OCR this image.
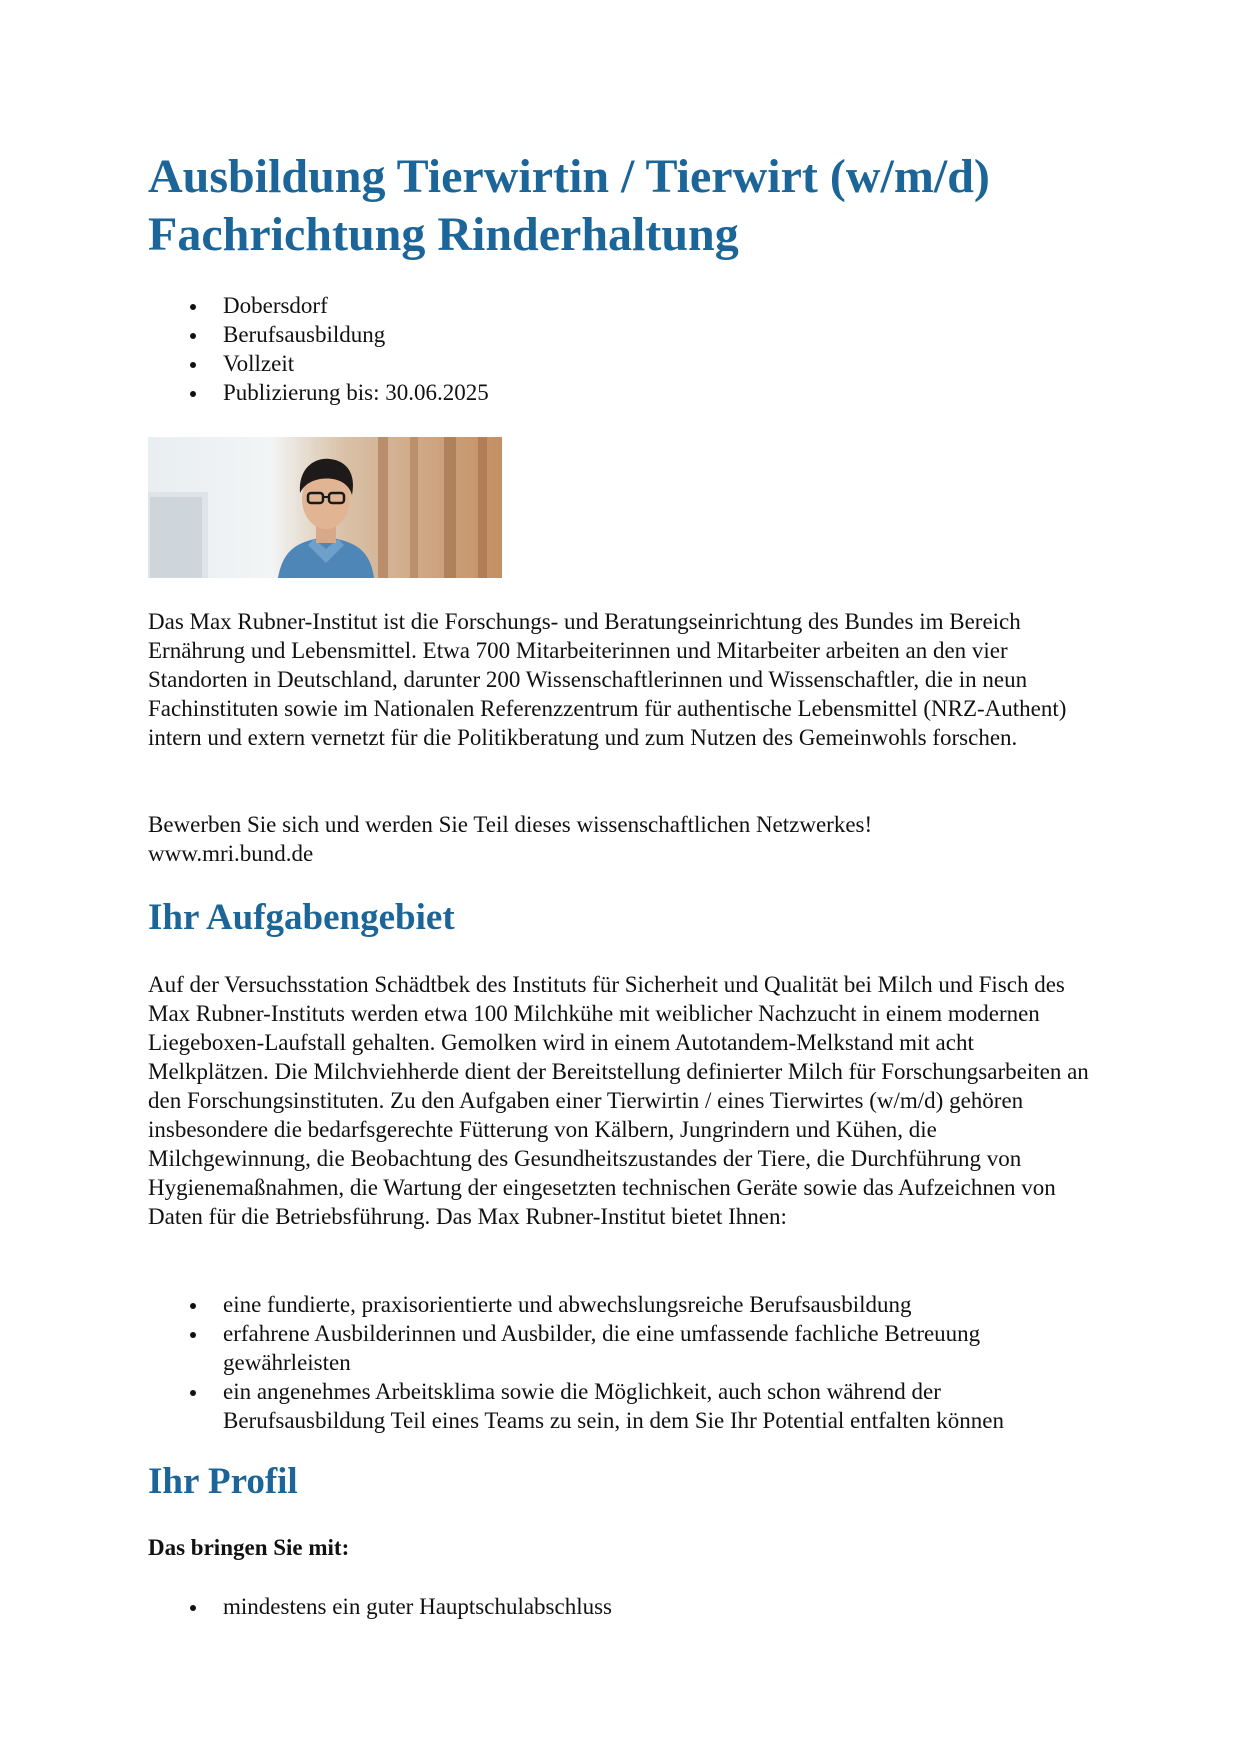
Ausbildung Tierwirtin / Tierwirt (w/m/d) Fachrichtung Rinderhaltung
Dobersdorf
Berufsausbildung
Vollzeit
Publizierung bis: 30.06.2025

Das Max Rubner-Institut ist die Forschungs- und Beratungseinrichtung des Bundes im Bereich Ernährung und Lebensmittel. Etwa 700 Mitarbeiterinnen und Mitarbeiter arbeiten an den vier Standorten in Deutschland, darunter 200 Wissenschaftlerinnen und Wissenschaftler, die in neun Fachinstituten sowie im Nationalen Referenzzentrum für authentische Lebensmittel (NRZ-Authent) intern und extern vernetzt für die Politikberatung und zum Nutzen des Gemeinwohls forschen.

Bewerben Sie sich und werden Sie Teil dieses wissenschaftlichen Netzwerkes!
www.mri.bund.de

Ihr Aufgabengebiet

Auf der Versuchsstation Schädtbek des Instituts für Sicherheit und Qualität bei Milch und Fisch des Max Rubner-Instituts werden etwa 100 Milchkühe mit weiblicher Nachzucht in einem modernen Liegeboxen-Laufstall gehalten. Gemolken wird in einem Autotandem-Melkstand mit acht Melkplätzen. Die Milchviehherde dient der Bereitstellung definierter Milch für Forschungsarbeiten an den Forschungsinstituten. Zu den Aufgaben einer Tierwirtin / eines Tierwirtes (w/m/d) gehören insbesondere die bedarfsgerechte Fütterung von Kälbern, Jungrindern und Kühen, die Milchgewinnung, die Beobachtung des Gesundheitszustandes der Tiere, die Durchführung von Hygienemaßnahmen, die Wartung der eingesetzten technischen Geräte sowie das Aufzeichnen von Daten für die Betriebsführung. Das Max Rubner-Institut bietet Ihnen:

eine fundierte, praxisorientierte und abwechslungsreiche Berufsausbildung
erfahrene Ausbilderinnen und Ausbilder, die eine umfassende fachliche Betreuung gewährleisten
ein angenehmes Arbeitsklima sowie die Möglichkeit, auch schon während der Berufsausbildung Teil eines Teams zu sein, in dem Sie Ihr Potential entfalten können
Ihr Profil

Das bringen Sie mit:

mindestens ein guter Hauptschulabschluss
